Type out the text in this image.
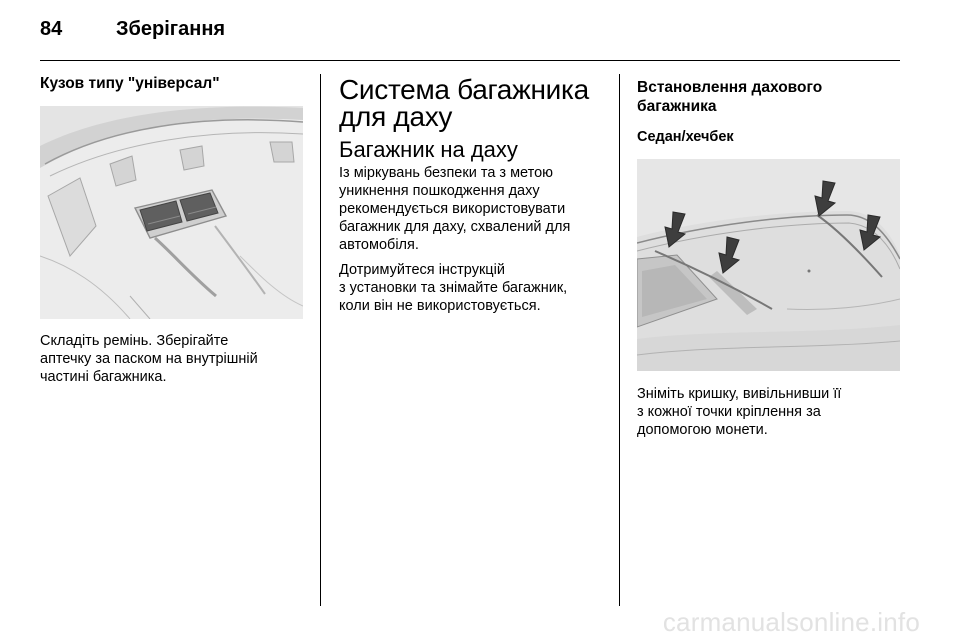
84	Зберігання
Кузов типу "універсал"
Складіть ремінь. Зберігайте
аптечку за паском на внутрішній
частині багажника.
Система багажника
для даху
Багажник на даху
Із міркувань безпеки та з метою
уникнення пошкодження даху
рекомендується використовувати
багажник для даху, схвалений для
автомобіля.
Дотримуйтеся інструкцій
з установки та знімайте багажник,
коли він не використовується.
Встановлення дахового
багажника
Седан/хечбек
Зніміть кришку, вивільнивши її
з кожної точки кріплення за
допомогою монети.
carmanualsonline.info
